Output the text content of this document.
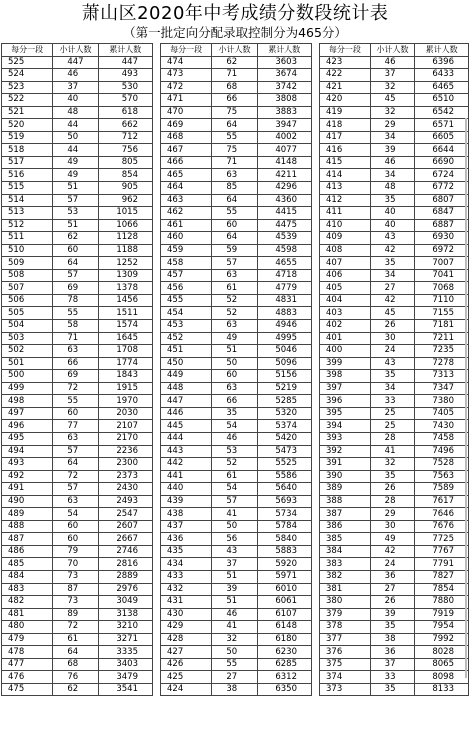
萧山区2020年中考成绩分数段统计表
（第一批定向分配录取控制分为465分）
每分一段	小计人数	累计人数
525	447	447
524	46	493
523	37	530
522	40	570
521	48	618
520	44	662
519	50	712
518	44	756
517	49	805
516	49	854
515	51	905
514	57	962
513	53	1015
512	51	1066
511	62	1128
510	60	1188
509	64	1252
508	57	1309
507	69	1378
506	78	1456
505	55	1511
504	58	1574
503	71	1645
502	63	1708
501	66	1774
500	69	1843
499	72	1915
498	55	1970
497	60	2030
496	77	2107
495	63	2170
494	57	2236
493	64	2300
492	72	2373
491	57	2430
490	63	2493
489	54	2547
488	60	2607
487	60	2667
486	79	2746
485	70	2816
484	73	2889
483	87	2976
482	73	3049
481	89	3138
480	72	3210
479	61	3271
478	64	3335
477	68	3403
476	76	3479
475	62	3541
每分一段	小计人数	累计人数
474	62	3603
473	71	3674
472	68	3742
471	66	3808
470	75	3883
469	64	3947
468	55	4002
467	75	4077
466	71	4148
465	63	4211
464	85	4296
463	64	4360
462	55	4415
461	60	4475
460	64	4539
459	59	4598
458	57	4655
457	63	4718
456	61	4779
455	52	4831
454	52	4883
453	63	4946
452	49	4995
451	51	5046
450	50	5096
449	60	5156
448	63	5219
447	66	5285
446	35	5320
445	54	5374
444	46	5420
443	53	5473
442	52	5525
441	61	5586
440	54	5640
439	57	5693
438	41	5734
437	50	5784
436	56	5840
435	43	5883
434	37	5920
433	51	5971
432	39	6010
431	51	6061
430	46	6107
429	41	6148
428	32	6180
427	50	6230
426	55	6285
425	27	6312
424	38	6350
每分一段	小计人数	累计人数
423	46	6396
422	37	6433
421	32	6465
420	45	6510
419	32	6542
418	29	6571
417	34	6605
416	39	6644
415	46	6690
414	34	6724
413	48	6772
412	35	6807
411	40	6847
410	40	6887
409	43	6930
408	42	6972
407	35	7007
406	34	7041
405	27	7068
404	42	7110
403	45	7155
402	26	7181
401	30	7211
400	24	7235
399	43	7278
398	35	7313
397	34	7347
396	33	7380
395	25	7405
394	25	7430
393	28	7458
392	41	7496
391	32	7528
390	35	7563
389	26	7589
388	28	7617
387	29	7646
386	30	7676
385	49	7725
384	42	7767
383	24	7791
382	36	7827
381	27	7854
380	26	7880
379	39	7919
378	35	7954
377	38	7992
376	36	8028
375	37	8065
374	33	8098
373	35	8133
